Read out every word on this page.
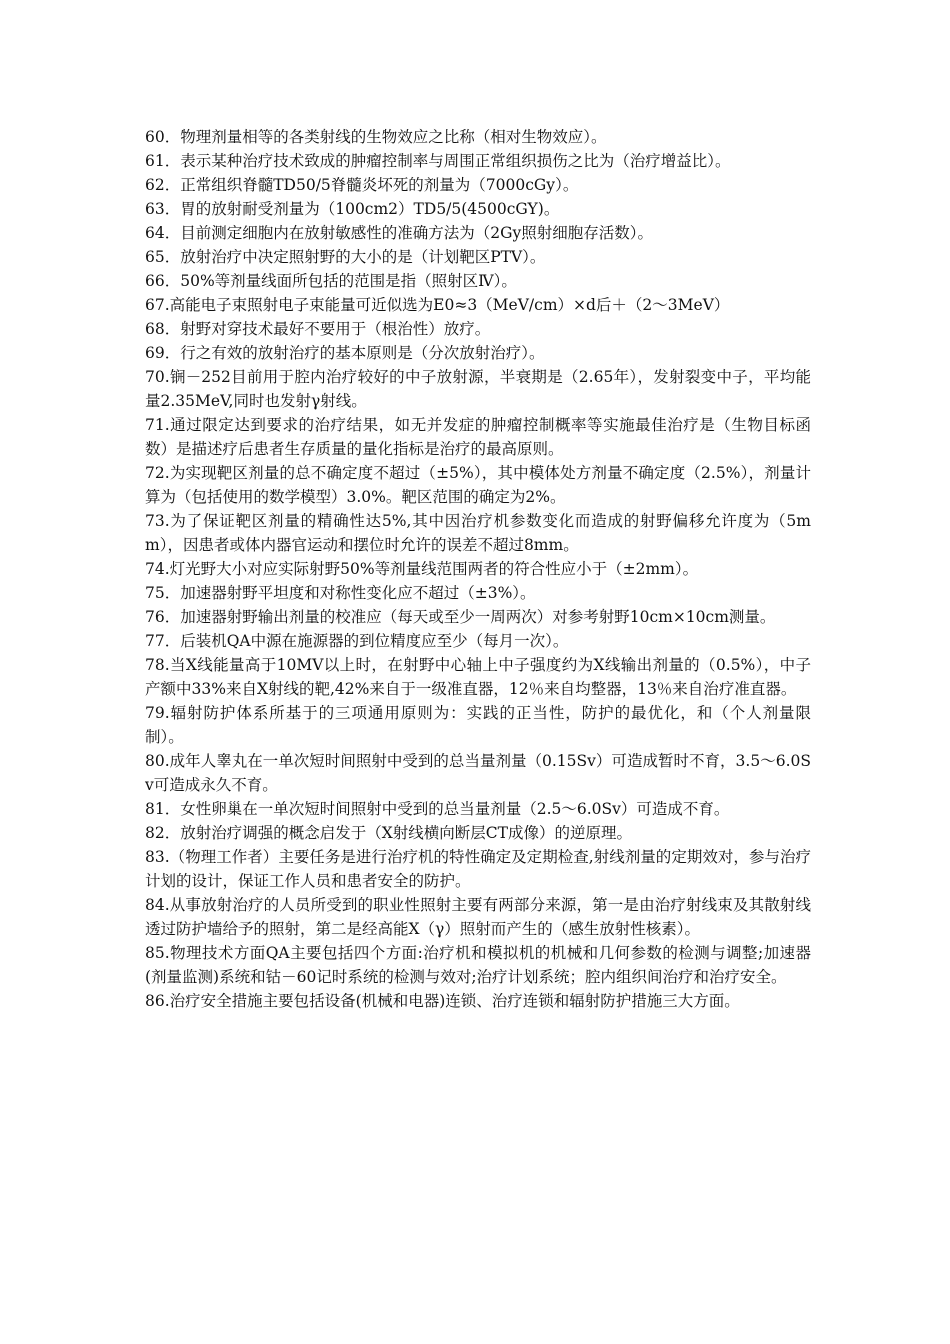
60．物理剂量相等的各类射线的生物效应之比称（相对生物效应）。

61．表示某种治疗技术致成的肿瘤控制率与周围正常组织损伤之比为（治疗增益比）。

62．正常组织脊髓TD50/5脊髓炎坏死的剂量为（7000cGy）。

63．胃的放射耐受剂量为（100cm2）TD5/5(4500cGY)。

64．目前测定细胞内在放射敏感性的准确方法为（2Gy照射细胞存活数）。

65．放射治疗中决定照射野的大小的是（计划靶区PTV）。

66．50%等剂量线面所包括的范围是指（照射区Ⅳ）。

67.高能电子束照射电子束能量可近似选为E0≈3（MeV/cm）×d后＋（2～3MeV）

68．射野对穿技术最好不要用于（根治性）放疗。

69．行之有效的放射治疗的基本原则是（分次放射治疗）。

70.锎－252目前用于腔内治疗较好的中子放射源，半衰期是（2.65年），发射裂变中子，平均能量2.35MeV,同时也发射γ射线。

71.通过限定达到要求的治疗结果，如无并发症的肿瘤控制概率等实施最佳治疗是（生物目标函数）是描述疗后患者生存质量的量化指标是治疗的最高原则。

72.为实现靶区剂量的总不确定度不超过（±5%），其中模体处方剂量不确定度（2.5%），剂量计算为（包括使用的数学模型）3.0%。靶区范围的确定为2%。

73.为了保证靶区剂量的精确性达5%,其中因治疗机参数变化而造成的射野偏移允许度为（5mm），因患者或体内器官运动和摆位时允许的误差不超过8mm。

74.灯光野大小对应实际射野50%等剂量线范围两者的符合性应小于（±2mm）。

75．加速器射野平坦度和对称性变化应不超过（±3%）。

76．加速器射野输出剂量的校准应（每天或至少一周两次）对参考射野10cm×10cm测量。

77．后装机QA中源在施源器的到位精度应至少（每月一次）。

78.当X线能量高于10MV以上时，在射野中心轴上中子强度约为X线输出剂量的（0.5%），中子产额中33%来自X射线的靶,42%来自于一级准直器，12％来自均整器，13％来自治疗准直器。

79.辐射防护体系所基于的三项通用原则为：实践的正当性，防护的最优化，和（个人剂量限制）。

80.成年人睾丸在一单次短时间照射中受到的总当量剂量（0.15Sv）可造成暂时不育，3.5～6.0Sv可造成永久不育。

81．女性卵巢在一单次短时间照射中受到的总当量剂量（2.5～6.0Sv）可造成不育。

82．放射治疗调强的概念启发于（X射线横向断层CT成像）的逆原理。

83.（物理工作者）主要任务是进行治疗机的特性确定及定期检查,射线剂量的定期效对，参与治疗计划的设计，保证工作人员和患者安全的防护。

84.从事放射治疗的人员所受到的职业性照射主要有两部分来源，第一是由治疗射线束及其散射线透过防护墙给予的照射，第二是经高能X（γ）照射而产生的（感生放射性核素）。

85.物理技术方面QA主要包括四个方面:治疗机和模拟机的机械和几何参数的检测与调整;加速器(剂量监测)系统和钴－60记时系统的检测与效对;治疗计划系统；腔内组织间治疗和治疗安全。

86.治疗安全措施主要包括设备(机械和电器)连锁、治疗连锁和辐射防护措施三大方面。
